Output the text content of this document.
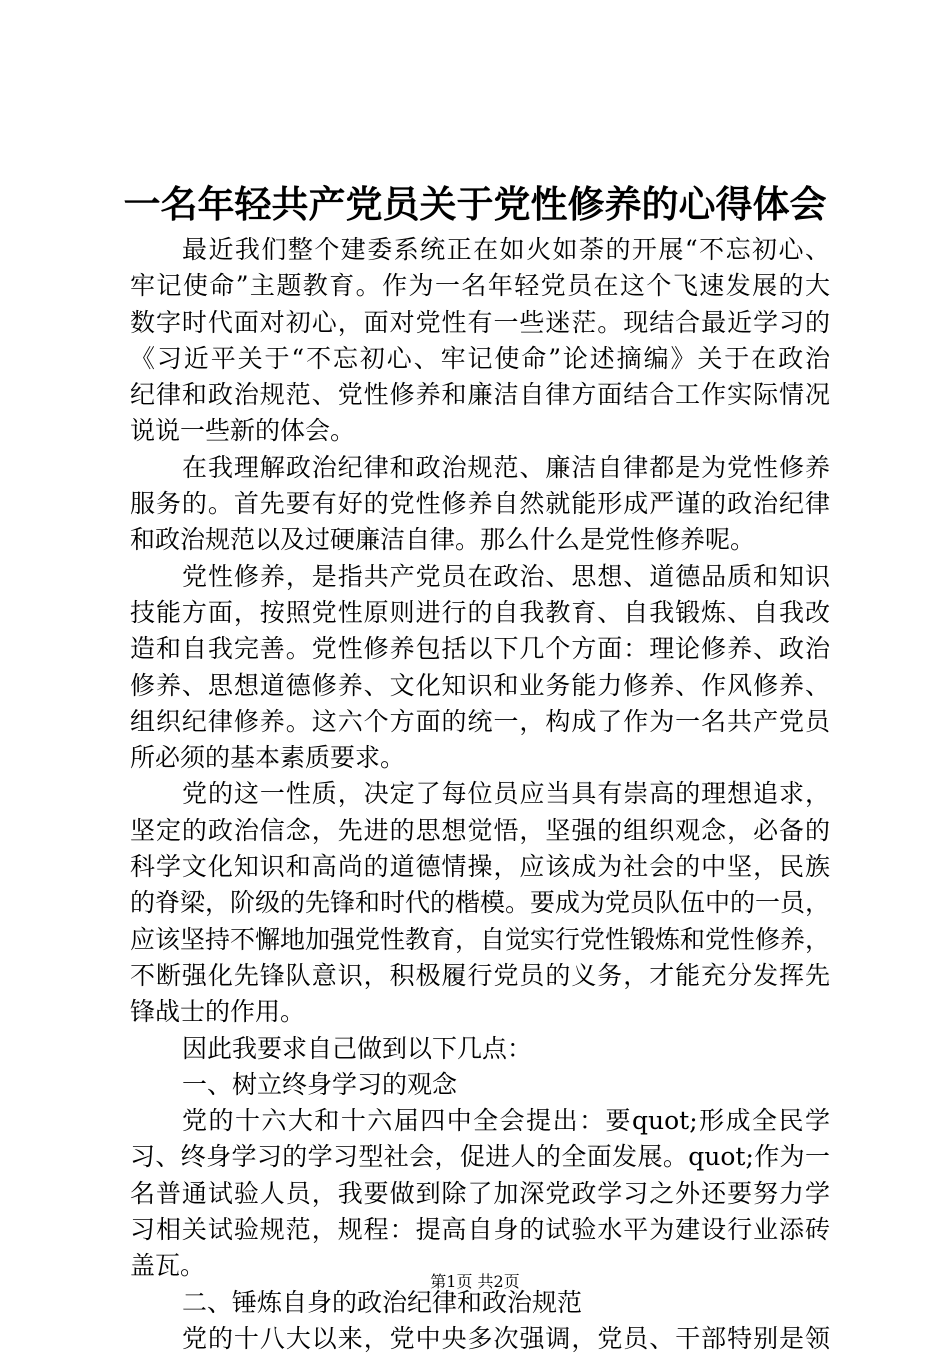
一名年轻共产党员关于党性修养的心得体会
最近我们整个建委系统正在如火如荼的开展“不忘初心、
牢记使命”主题教育。作为一名年轻党员在这个飞速发展的大
数字时代面对初心，面对党性有一些迷茫。现结合最近学习的
《习近平关于“不忘初心、牢记使命”论述摘编》关于在政治
纪律和政治规范、党性修养和廉洁自律方面结合工作实际情况
说说一些新的体会。
在我理解政治纪律和政治规范、廉洁自律都是为党性修养
服务的。首先要有好的党性修养自然就能形成严谨的政治纪律
和政治规范以及过硬廉洁自律。那么什么是党性修养呢。
党性修养，是指共产党员在政治、思想、道德品质和知识
技能方面，按照党性原则进行的自我教育、自我锻炼、自我改
造和自我完善。党性修养包括以下几个方面：理论修养、政治
修养、思想道德修养、文化知识和业务能力修养、作风修养、
组织纪律修养。这六个方面的统一，构成了作为一名共产党员
所必须的基本素质要求。
党的这一性质，决定了每位员应当具有崇高的理想追求，
坚定的政治信念，先进的思想觉悟，坚强的组织观念，必备的
科学文化知识和高尚的道德情操，应该成为社会的中坚，民族
的脊梁，阶级的先锋和时代的楷模。要成为党员队伍中的一员，
应该坚持不懈地加强党性教育，自觉实行党性锻炼和党性修养，
不断强化先锋队意识，积极履行党员的义务，才能充分发挥先
锋战士的作用。
因此我要求自己做到以下几点：
一、树立终身学习的观念
党的十六大和十六届四中全会提出：要quot;形成全民学
习、终身学习的学习型社会，促进人的全面发展。quot;作为一
名普通试验人员，我要做到除了加深党政学习之外还要努力学
习相关试验规范，规程：提高自身的试验水平为建设行业添砖
盖瓦。
二、锤炼自身的政治纪律和政治规范
党的十八大以来，党中央多次强调，党员、干部特别是领
第1页 共2页
